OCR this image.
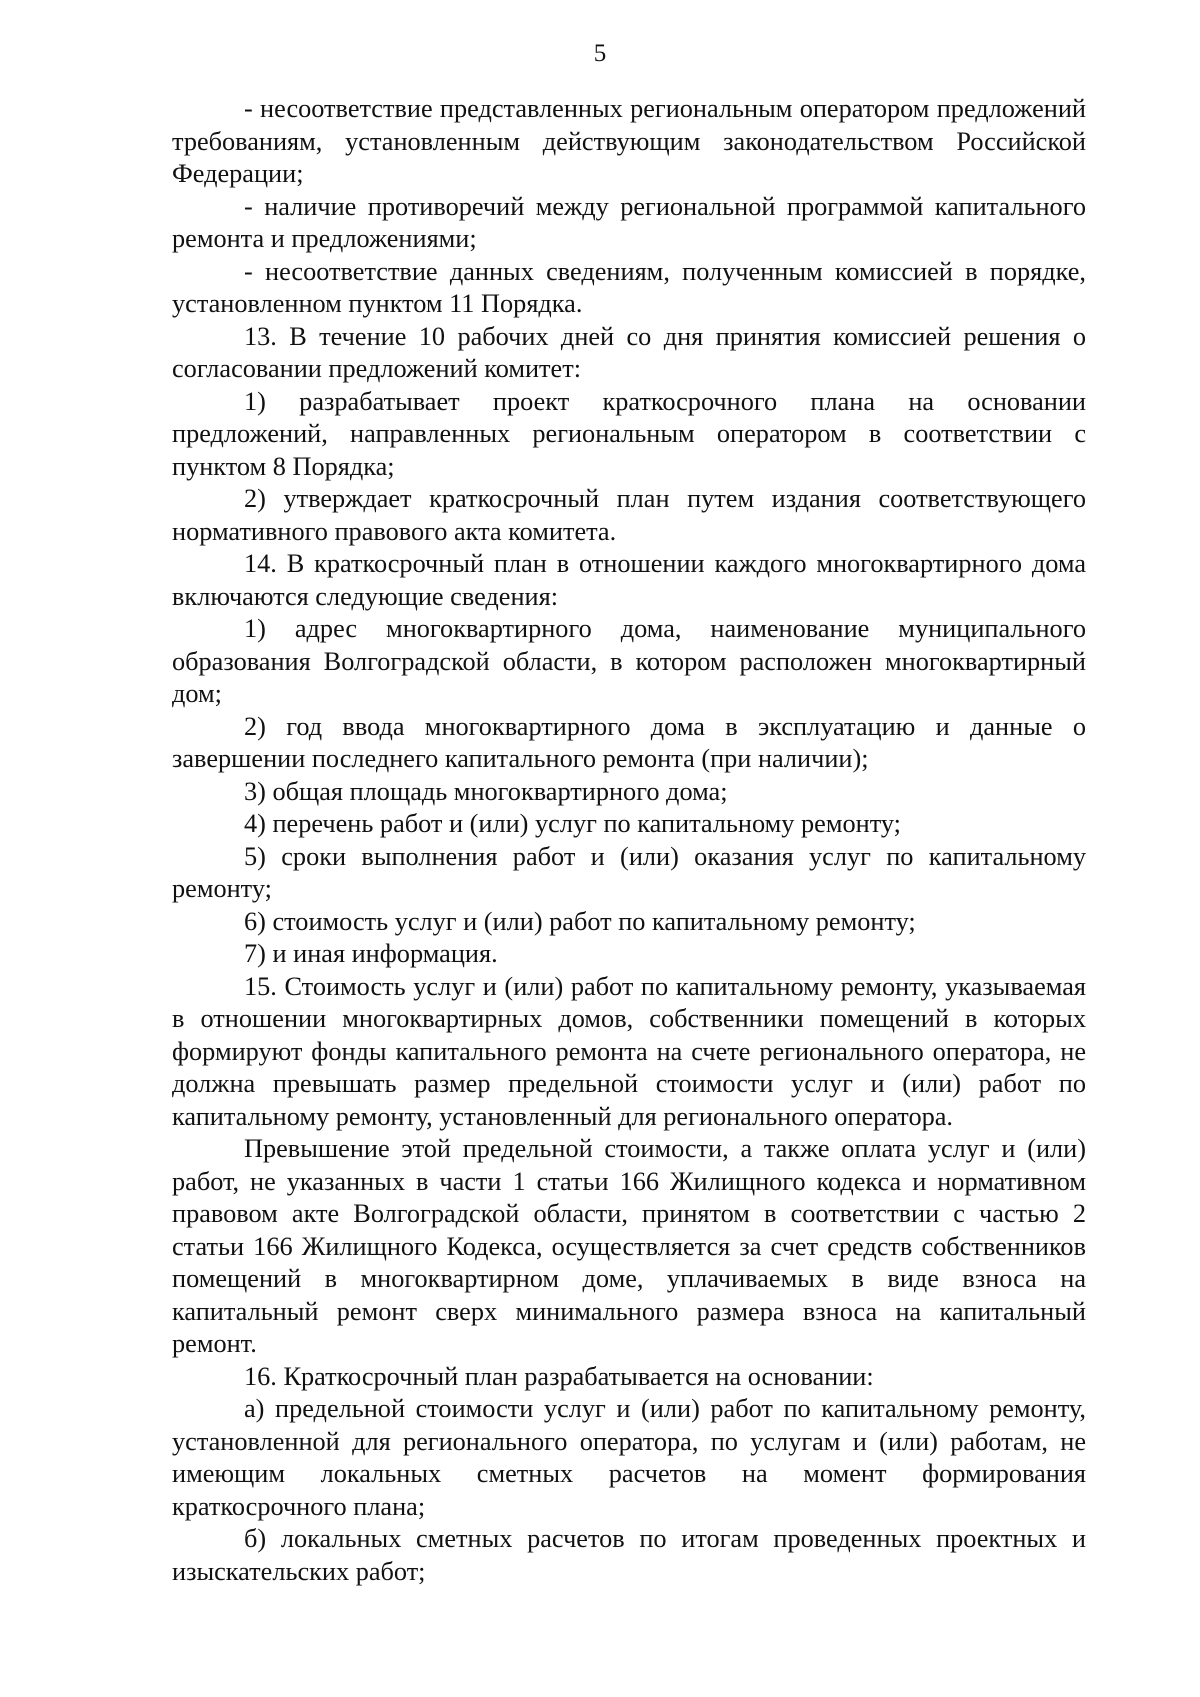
5

- несоответствие представленных региональным оператором предложений требованиям, установленным действующим законодательством Российской Федерации;

- наличие противоречий между региональной программой капитального ремонта и предложениями;

- несоответствие данных сведениям, полученным комиссией в порядке, установленном пунктом 11 Порядка.

13. В течение 10 рабочих дней со дня принятия комиссией решения о согласовании предложений комитет:

1) разрабатывает проект краткосрочного плана на основании предложений, направленных региональным оператором в соответствии с пунктом 8 Порядка;

2) утверждает краткосрочный план путем издания соответствующего нормативного правового акта комитета.

14. В краткосрочный план в отношении каждого многоквартирного дома включаются следующие сведения:

1) адрес многоквартирного дома, наименование муниципального образования Волгоградской области, в котором расположен многоквартирный дом;

2) год ввода многоквартирного дома в эксплуатацию и данные о завершении последнего капитального ремонта (при наличии);

3) общая площадь многоквартирного дома;

4) перечень работ и (или) услуг по капитальному ремонту;

5) сроки выполнения работ и (или) оказания услуг по капитальному ремонту;

6) стоимость услуг и (или) работ по капитальному ремонту;

7) и иная информация.

15. Стоимость услуг и (или) работ по капитальному ремонту, указываемая в отношении многоквартирных домов, собственники помещений в которых формируют фонды капитального ремонта на счете регионального оператора, не должна превышать размер предельной стоимости услуг и (или) работ по капитальному ремонту, установленный для регионального оператора.

Превышение этой предельной стоимости, а также оплата услуг и (или) работ, не указанных в части 1 статьи 166 Жилищного кодекса и нормативном правовом акте Волгоградской области, принятом в соответствии с частью 2 статьи 166 Жилищного Кодекса, осуществляется за счет средств собственников помещений в многоквартирном доме, уплачиваемых в виде взноса на капитальный ремонт сверх минимального размера взноса на капитальный ремонт.

16. Краткосрочный план разрабатывается на основании:

а) предельной стоимости услуг и (или) работ по капитальному ремонту, установленной для регионального оператора, по услугам и (или) работам, не имеющим локальных сметных расчетов на момент формирования краткосрочного плана;

б) локальных сметных расчетов по итогам проведенных проектных и изыскательских работ;
